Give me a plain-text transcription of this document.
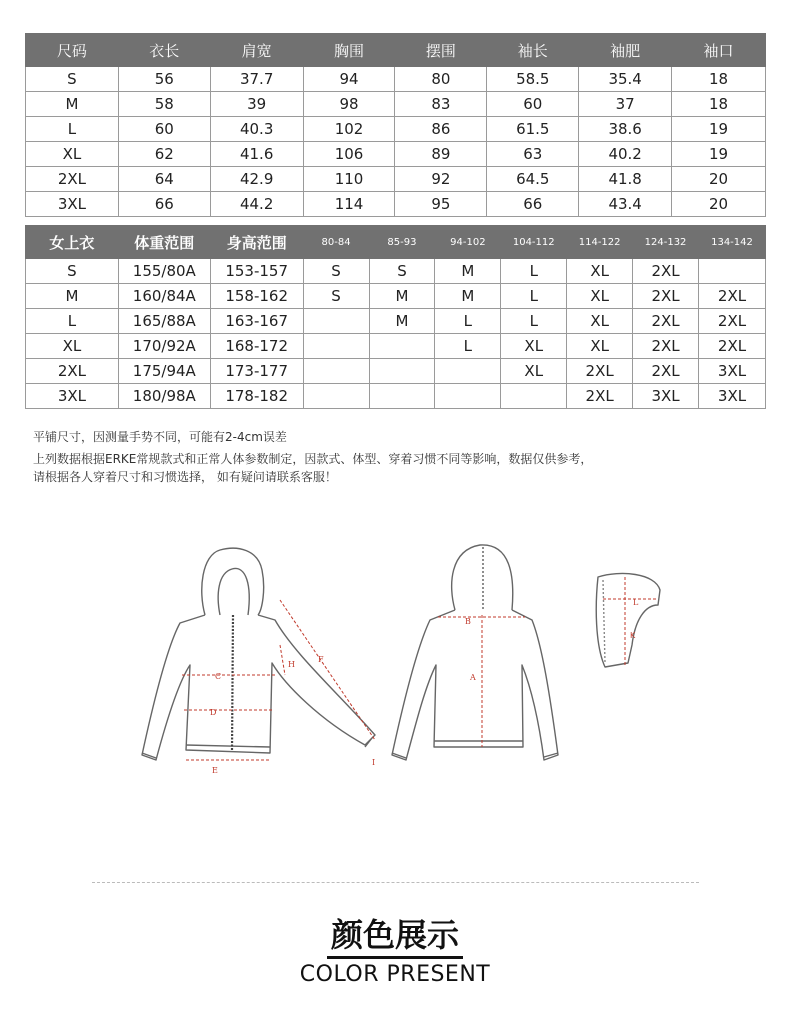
尺码	衣长	肩宽	胸围	摆围	袖长	袖肥	袖口
S	56	37.7	94	80	58.5	35.4	18
M	58	39	98	83	60	37	18
L	60	40.3	102	86	61.5	38.6	19
XL	62	41.6	106	89	63	40.2	19
2XL	64	42.9	110	92	64.5	41.8	20
3XL	66	44.2	114	95	66	43.4	20
女上衣	体重范围	身高范围	80-84	85-93	94-102	104-112	114-122	124-132	134-142
S	155/80A	153-157	S	S	M	L	XL	2XL	
M	160/84A	158-162	S	M	M	L	XL	2XL	2XL
L	165/88A	163-167		M	L	L	XL	2XL	2XL
XL	170/92A	168-172			L	XL	XL	2XL	2XL
2XL	175/94A	173-177				XL	2XL	2XL	3XL
3XL	180/98A	178-182					2XL	3XL	3XL
平铺尺寸，因测量手势不同，可能有2-4cm误差
上列数据根据ERKE常规款式和正常人体参数制定，因款式、体型、穿着习惯不同等影响，数据仅供参考，
请根据各人穿着尺寸和习惯选择， 如有疑问请联系客服！
C
D
E
F
H
I
B
A
L
K
颜色展示
COLOR PRESENT
